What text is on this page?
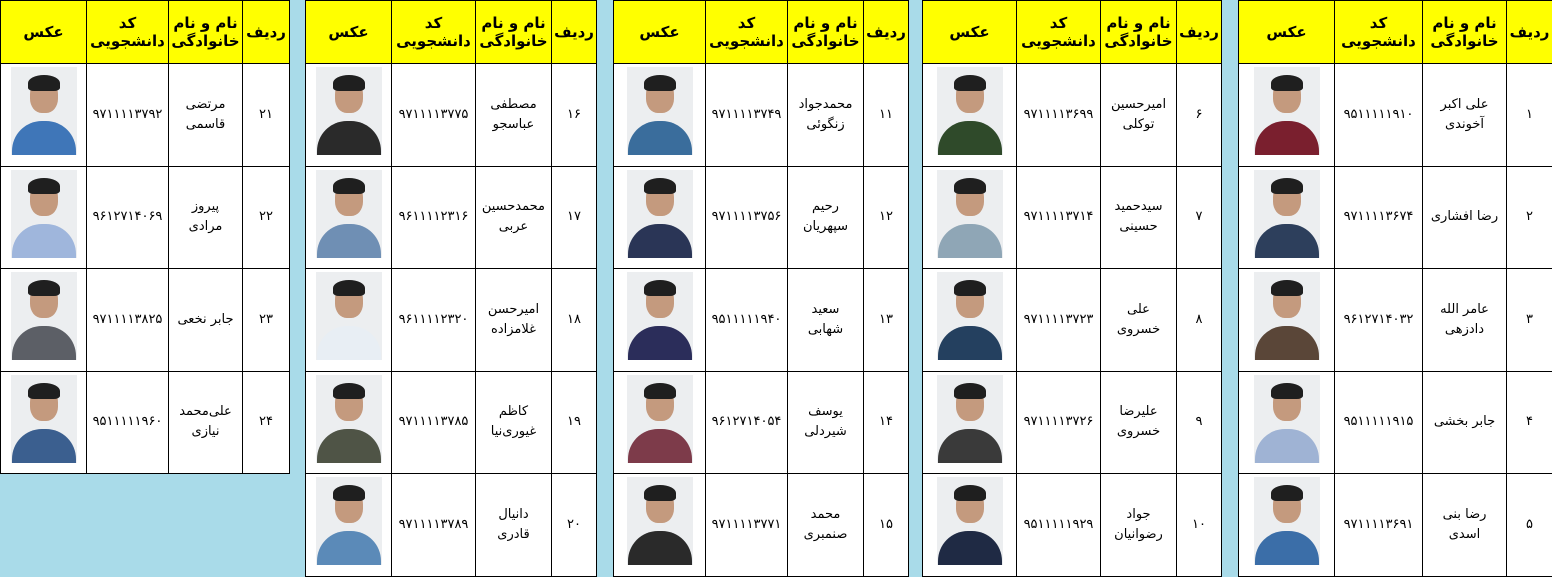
ردیف	نام و نام خانوادگی	کد دانشجویی	عکس
۱	علی اکبر آخوندی	۹۵۱۱۱۱۱۹۱۰	

۲	رضا افشاری	۹۷۱۱۱۱۳۶۷۴	

۳	عامر الله دادزهی	۹۶۱۲۷۱۴۰۳۲	

۴	جابر بخشی	۹۵۱۱۱۱۱۹۱۵	

۵	رضا بنی اسدی	۹۷۱۱۱۱۳۶۹۱	
ردیف	نام و نام خانوادگی	کد دانشجویی	عکس
۶	امیرحسین توکلی	۹۷۱۱۱۱۳۶۹۹	

۷	سیدحمید حسینی	۹۷۱۱۱۱۳۷۱۴	

۸	علی خسروی	۹۷۱۱۱۱۳۷۲۳	

۹	علیرضا خسروی	۹۷۱۱۱۱۳۷۲۶	

۱۰	جواد رضوانیان	۹۵۱۱۱۱۱۹۲۹	
ردیف	نام و نام خانوادگی	کد دانشجویی	عکس
۱۱	محمدجواد زنگوئی	۹۷۱۱۱۱۳۷۴۹	

۱۲	رحیم سپهریان	۹۷۱۱۱۱۳۷۵۶	

۱۳	سعید شهابی	۹۵۱۱۱۱۱۹۴۰	

۱۴	یوسف شیردلی	۹۶۱۲۷۱۴۰۵۴	

۱۵	محمد صنمبری	۹۷۱۱۱۱۳۷۷۱	
ردیف	نام و نام خانوادگی	کد دانشجویی	عکس
۱۶	مصطفی عباسجو	۹۷۱۱۱۱۳۷۷۵	

۱۷	محمدحسین عربی	۹۶۱۱۱۱۲۳۱۶	

۱۸	امیرحسن غلامزاده	۹۶۱۱۱۱۲۳۲۰	

۱۹	کاظم غیوری‌نیا	۹۷۱۱۱۱۳۷۸۵	

۲۰	دانیال قادری	۹۷۱۱۱۱۳۷۸۹	
ردیف	نام و نام خانوادگی	کد دانشجویی	عکس
۲۱	مرتضی قاسمی	۹۷۱۱۱۱۳۷۹۲	

۲۲	پیروز مرادی	۹۶۱۲۷۱۴۰۶۹	

۲۳	جابر نخعی	۹۷۱۱۱۱۳۸۲۵	

۲۴	علی‌محمد نیازی	۹۵۱۱۱۱۱۹۶۰	
